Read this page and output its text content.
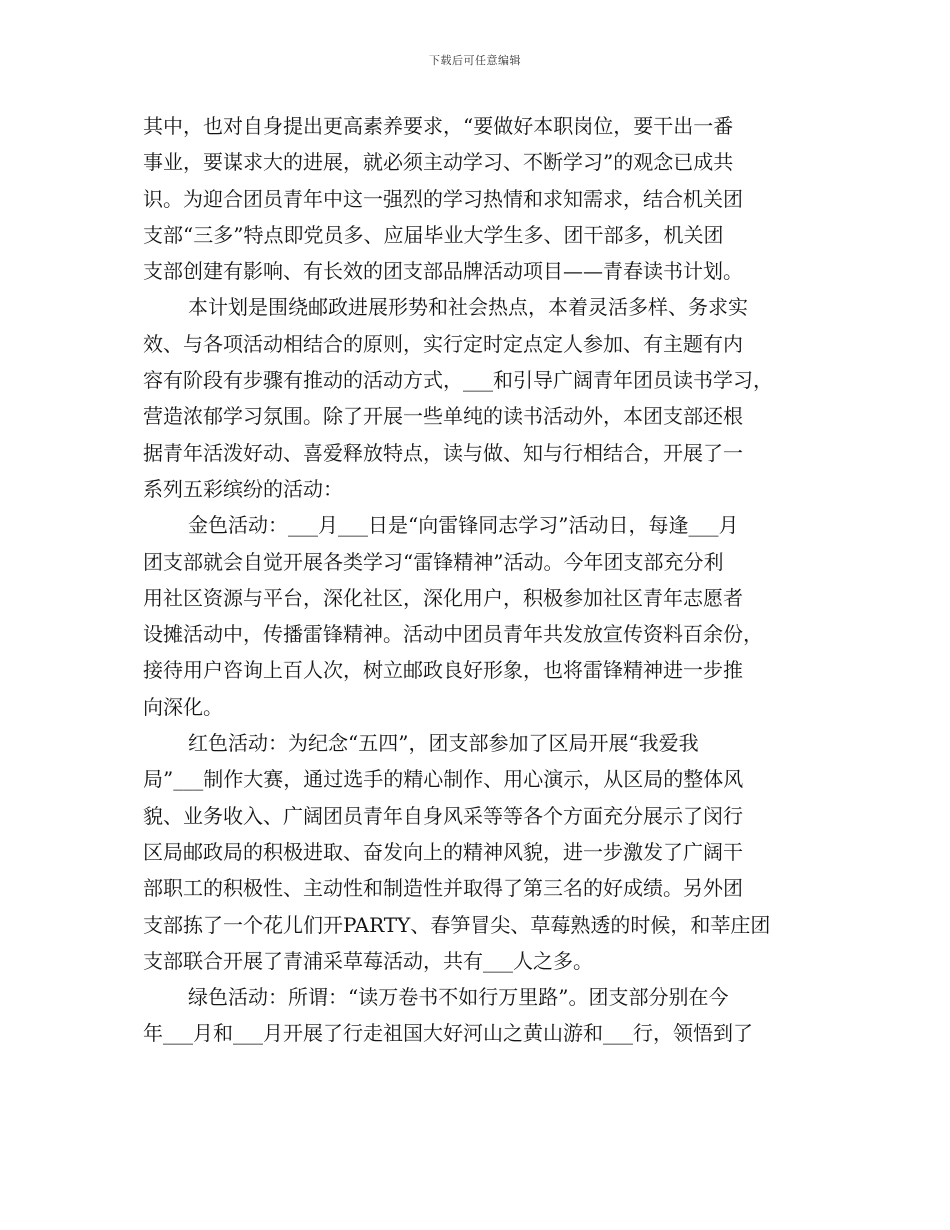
下载后可任意编辑
其中，也对自身提出更高素养要求，“要做好本职岗位，要干出一番
事业，要谋求大的进展，就必须主动学习、不断学习”的观念已成共
识。为迎合团员青年中这一强烈的学习热情和求知需求，结合机关团
支部“三多”特点即党员多、应届毕业大学生多、团干部多，机关团
支部创建有影响、有长效的团支部品牌活动项目——青春读书计划。
本计划是围绕邮政进展形势和社会热点，本着灵活多样、务求实
效、与各项活动相结合的原则，实行定时定点定人参加、有主题有内
容有阶段有步骤有推动的活动方式，___和引导广阔青年团员读书学习，
营造浓郁学习氛围。除了开展一些单纯的读书活动外，本团支部还根
据青年活泼好动、喜爱释放特点，读与做、知与行相结合，开展了一
系列五彩缤纷的活动：
金色活动：___月___日是“向雷锋同志学习”活动日，每逢___月
团支部就会自觉开展各类学习“雷锋精神”活动。今年团支部充分利
用社区资源与平台，深化社区，深化用户，积极参加社区青年志愿者
设摊活动中，传播雷锋精神。活动中团员青年共发放宣传资料百余份，
接待用户咨询上百人次，树立邮政良好形象，也将雷锋精神进一步推
向深化。
红色活动：为纪念“五四”，团支部参加了区局开展“我爱我
局”___制作大赛，通过选手的精心制作、用心演示，从区局的整体风
貌、业务收入、广阔团员青年自身风采等等各个方面充分展示了闵行
区局邮政局的积极进取、奋发向上的精神风貌，进一步激发了广阔干
部职工的积极性、主动性和制造性并取得了第三名的好成绩。另外团
支部拣了一个花儿们开PARTY、春笋冒尖、草莓熟透的时候，和莘庄团
支部联合开展了青浦采草莓活动，共有___人之多。
绿色活动：所谓：“读万卷书不如行万里路”。团支部分别在今
年___月和___月开展了行走祖国大好河山之黄山游和___行，领悟到了
